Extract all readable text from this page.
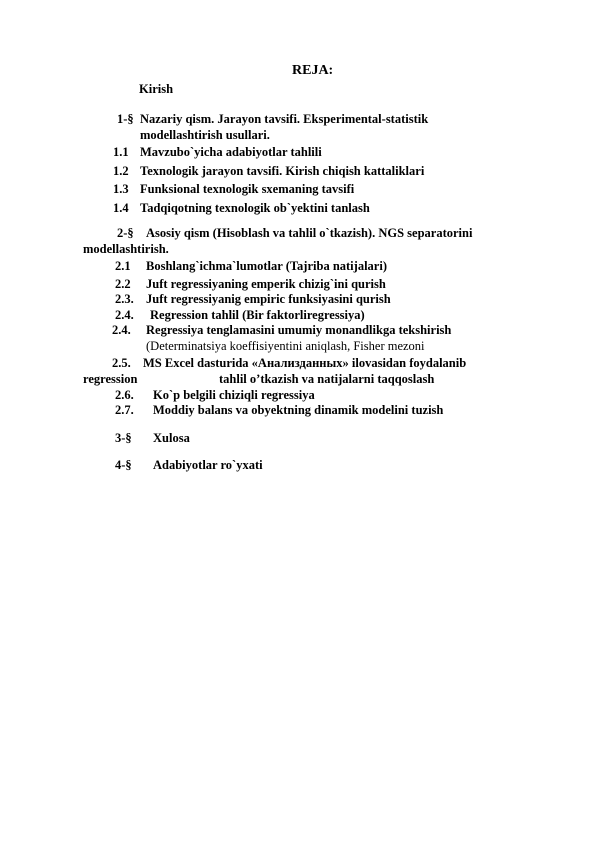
REJA:
Kirish
1-§ Nazariy qism. Jarayon tavsifi. Eksperimental-statistik
modellashtirish usullari.
1.1 Mavzubo`yicha adabiyotlar tahlili
1.2 Texnologik jarayon tavsifi. Kirish chiqish kattaliklari
1.3 Funksional texnologik sxemaning tavsifi
1.4 Tadqiqotning texnologik ob`yektini tanlash
2-§ Asosiy qism (Hisoblash va tahlil o`tkazish). NGS separatorini
modellashtirish.
2.1 Boshlang`ichma`lumotlar (Tajriba natijalari)
2.2 Juft regressiyaning emperik chizig`ini qurish
2.3. Juft regressiyanig empiric funksiyasini qurish
2.4. Regression tahlil (Bir faktorliregressiya)
2.4. Regressiya tenglamasini umumiy monandlikga tekshirish
(Determinatsiya koeffisiyentini aniqlash, Fisher mezoni
2.5. MS Excel dasturida «Анализданных» ilovasidan foydalanib
regression	tahlil o’tkazish va natijalarni taqqoslash
2.6. Ko`p belgili chiziqli regressiya
2.7. Moddiy balans va obyektning dinamik modelini tuzish
3-§ Xulosa
4-§ Adabiyotlar ro`yxati
